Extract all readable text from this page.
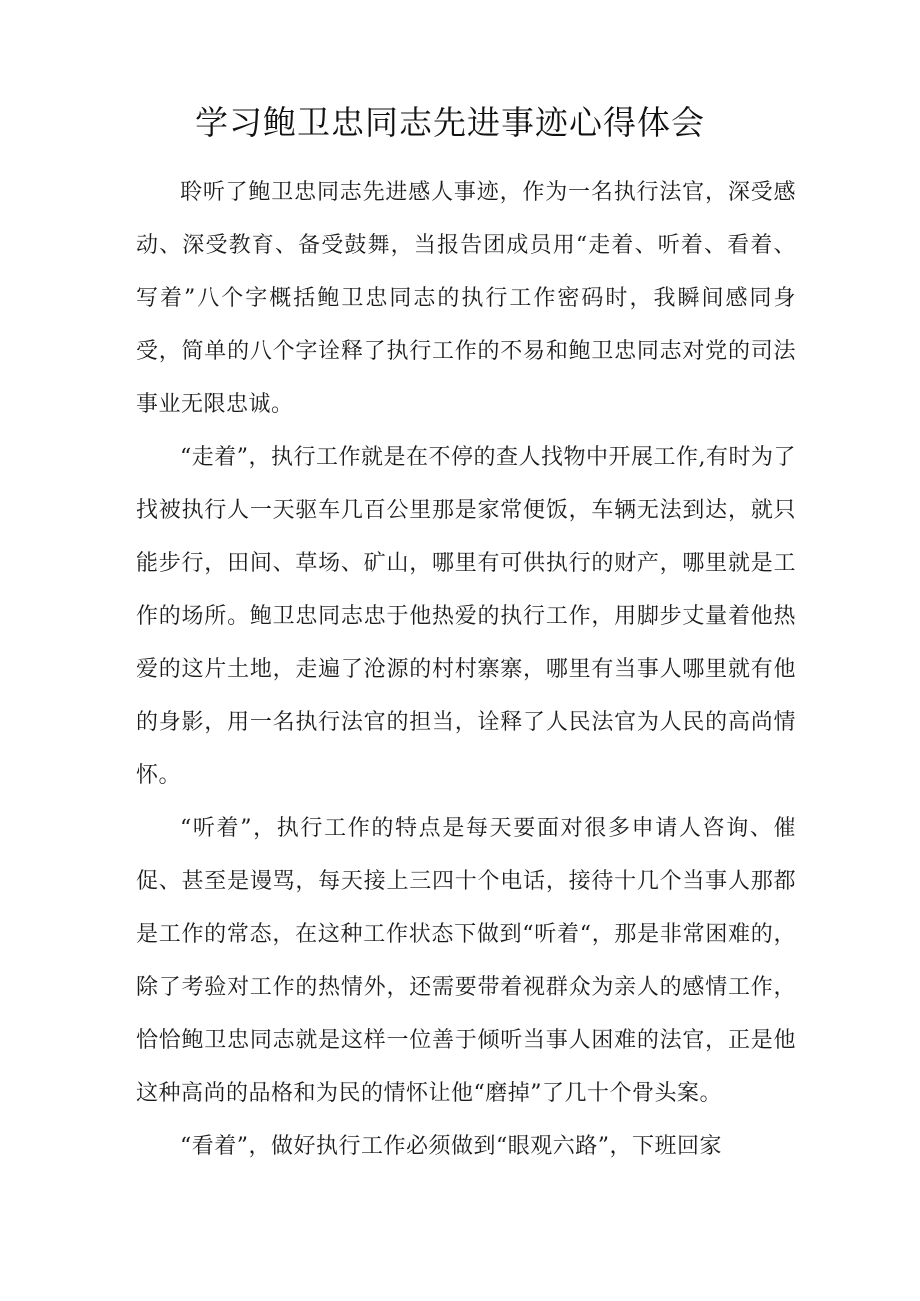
学习鲍卫忠同志先进事迹心得体会

聆听了鲍卫忠同志先进感人事迹，作为一名执行法官，深受感动、深受教育、备受鼓舞，当报告团成员用“走着、听着、看着、写着”八个字概括鲍卫忠同志的执行工作密码时，我瞬间感同身受，简单的八个字诠释了执行工作的不易和鲍卫忠同志对党的司法事业无限忠诚。

“走着”，执行工作就是在不停的查人找物中开展工作,有时为了找被执行人一天驱车几百公里那是家常便饭，车辆无法到达，就只能步行，田间、草场、矿山，哪里有可供执行的财产，哪里就是工作的场所。鲍卫忠同志忠于他热爱的执行工作，用脚步丈量着他热爱的这片土地，走遍了沧源的村村寨寨，哪里有当事人哪里就有他的身影，用一名执行法官的担当，诠释了人民法官为人民的高尚情怀。

“听着”，执行工作的特点是每天要面对很多申请人咨询、催促、甚至是谩骂，每天接上三四十个电话，接待十几个当事人那都是工作的常态，在这种工作状态下做到“听着“，那是非常困难的，除了考验对工作的热情外，还需要带着视群众为亲人的感情工作，恰恰鲍卫忠同志就是这样一位善于倾听当事人困难的法官，正是他这种高尚的品格和为民的情怀让他“磨掉”了几十个骨头案。

“看着”，做好执行工作必须做到“眼观六路”，下班回家
